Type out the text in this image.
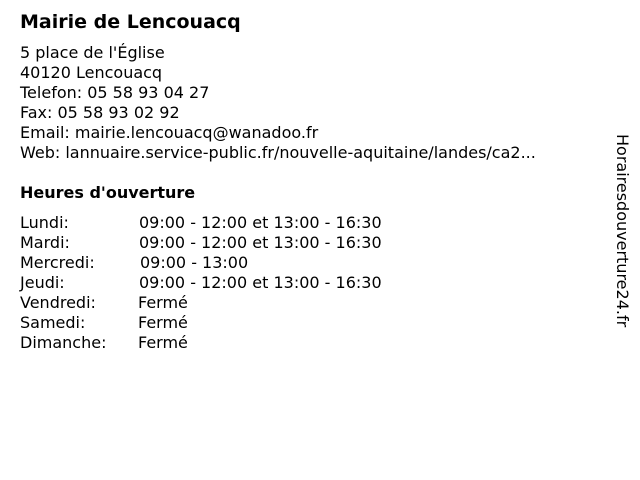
Mairie de Lencouacq
5 place de l'Église
40120 Lencouacq
Telefon: 05 58 93 04 27
Fax: 05 58 93 02 92
Email: mairie.lencouacq@wanadoo.fr
Web: lannuaire.service-public.fr/nouvelle-aquitaine/landes/ca2...
Heures d'ouverture
Lundi:	09:00 - 12:00 et 13:00 - 16:30
Mardi:	09:00 - 12:00 et 13:00 - 16:30
Mercredi:	09:00 - 13:00
Jeudi:	09:00 - 12:00 et 13:00 - 16:30
Vendredi:	Fermé
Samedi:	Fermé
Dimanche: Fermé
Horairesdouverture24.fr
